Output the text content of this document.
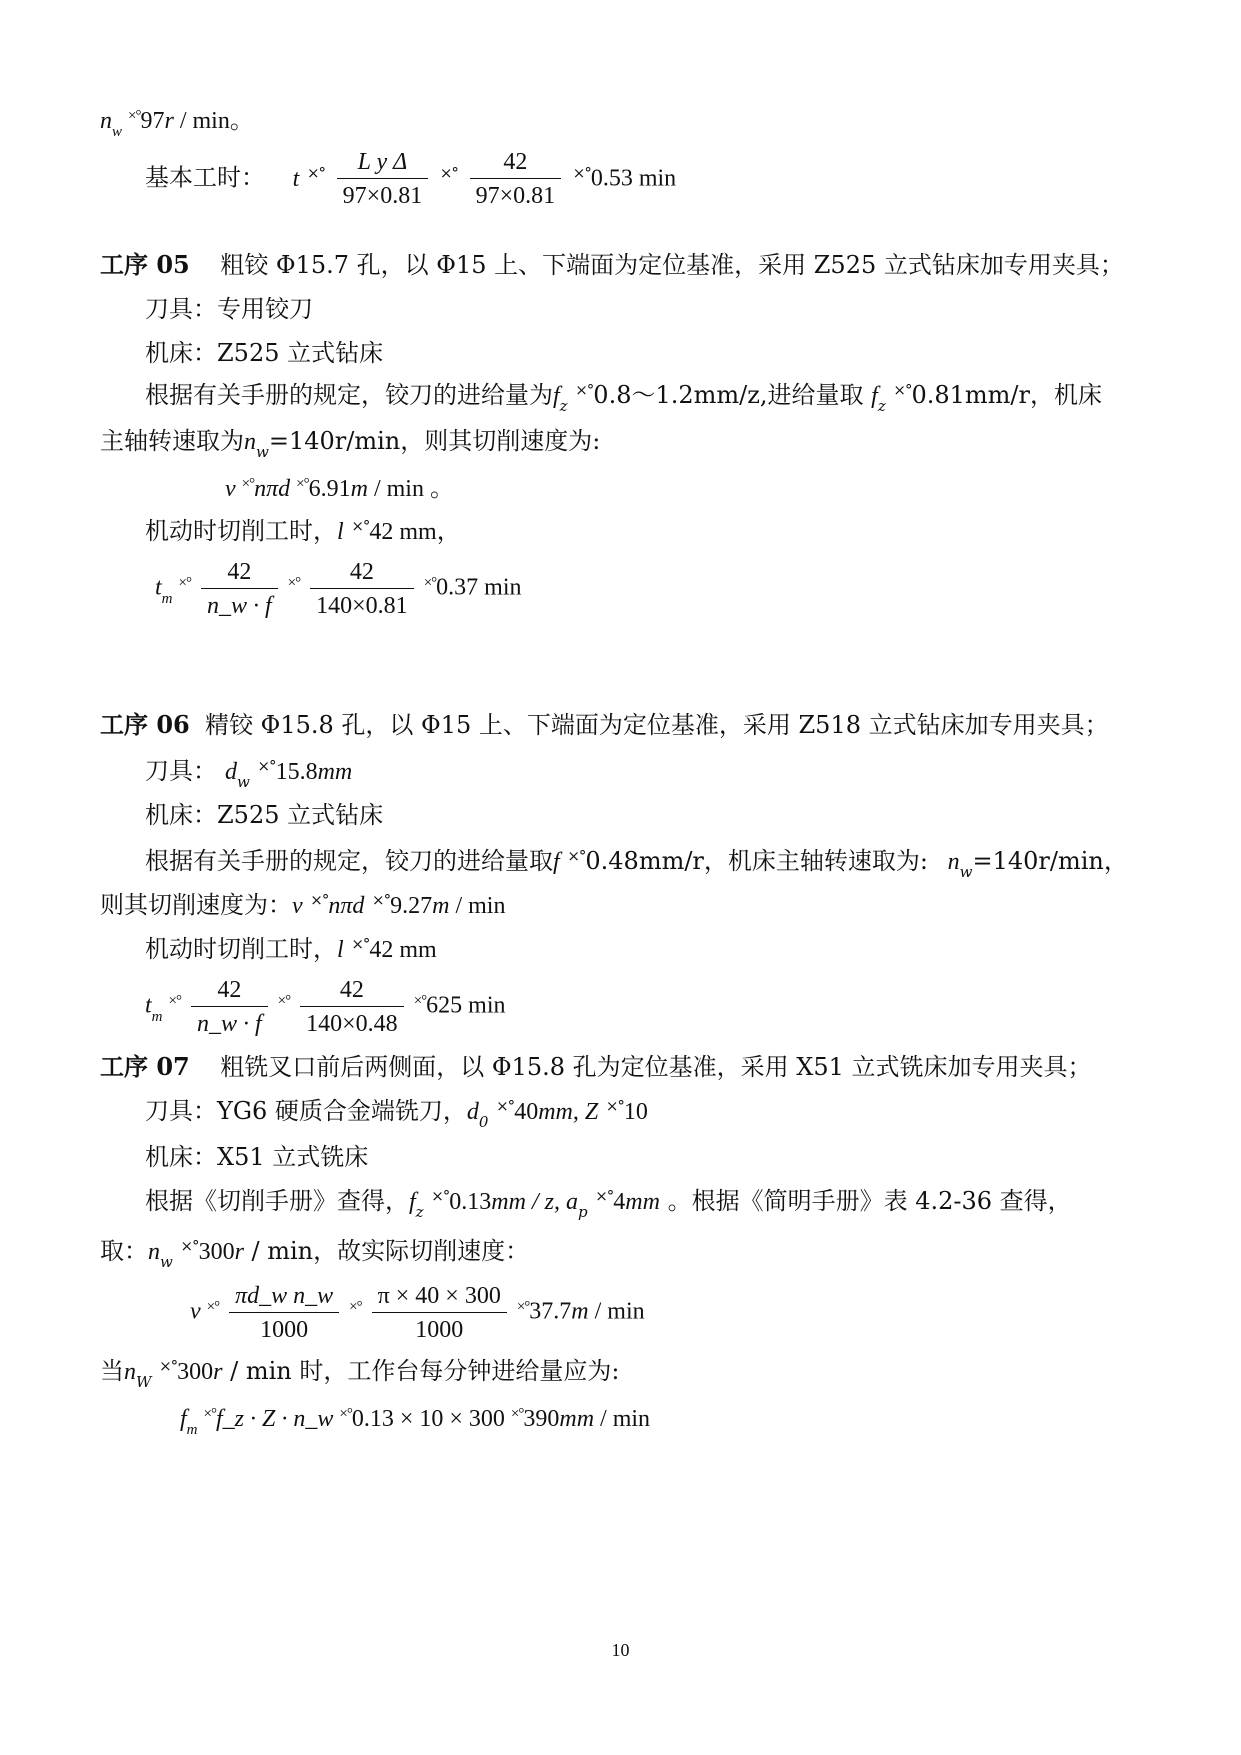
$n_w$ ×°97r / min。
基本工时： t $^{\times^\circ} \frac{\text{L y Δ}}{97\times 0.81} ^{\times^\circ} \frac{42}{97\times 0.81} ^{\times^\circ}0.53$ min
工序 05 粗铰 Φ15.7 孔，以 Φ15 上、下端面为定位基准，采用 Z525 立式钻床加专用夹具；
刀具：专用铰刀
机床：Z525 立式钻床
根据有关手册的规定，铰刀的进给量为$f_z$ ×°0.8～1.2mm/z,进给量取 $f_z$ ×°0.81mm/r，机床
主轴转速取为$n_w=140r/\min$，则其切削速度为:
v ×°nπd ×°6.91m / min 。
机动时切削工时，l ×°42 mm，
$t_m$ $^{\times^\circ} \frac{42}{n\_w \cdot f} ^{\times^\circ} \frac{42}{140\times 0.81} ^{\times^\circ}0.37$ min
工序 06 精铰 Φ15.8 孔，以 Φ15 上、下端面为定位基准，采用 Z518 立式钻床加专用夹具；
刀具： $d_w$ ×°15.8mm
机床：Z525 立式钻床
根据有关手册的规定，铰刀的进给量取f ×°0.48mm/r，机床主轴转速取为: $n_w=140r/\min$，
则其切削速度为：v ×°nπd ×°9.27m / min
机动时切削工时，l ×°42 mm
$t_m$ $^{\times^\circ} \frac{42}{n\_w \cdot f} ^{\times^\circ} \frac{42}{140\times 0.48} ^{\times^\circ}625$ min
工序 07 粗铣叉口前后两侧面，以 Φ15.8 孔为定位基准，采用 X51 立式铣床加专用夹具；
刀具：YG6 硬质合金端铣刀，$d_0$ ×°40mm, Z ×°10
机床：X51 立式铣床
根据《切削手册》查得，$f_z$ ×°0.13mm / z, $a_p$ ×°4mm 。根据《简明手册》表 4.2-36 查得，
取：$n_w$ ×°300r / min，故实际切削速度：
v $^{\times^\circ} \frac{\text{πd\_w n\_w}}{1000} ^{\times^\circ} \frac{\pi \times 40 \times 300}{1000} ^{\times^\circ}37.7m$ / min
当$n_W$ ×°300r / min 时，工作台每分钟进给量应为:
$f_m$ ×°f_z · Z · n_w ×°0.13 × 10 × 300 ×°390mm / min
10
